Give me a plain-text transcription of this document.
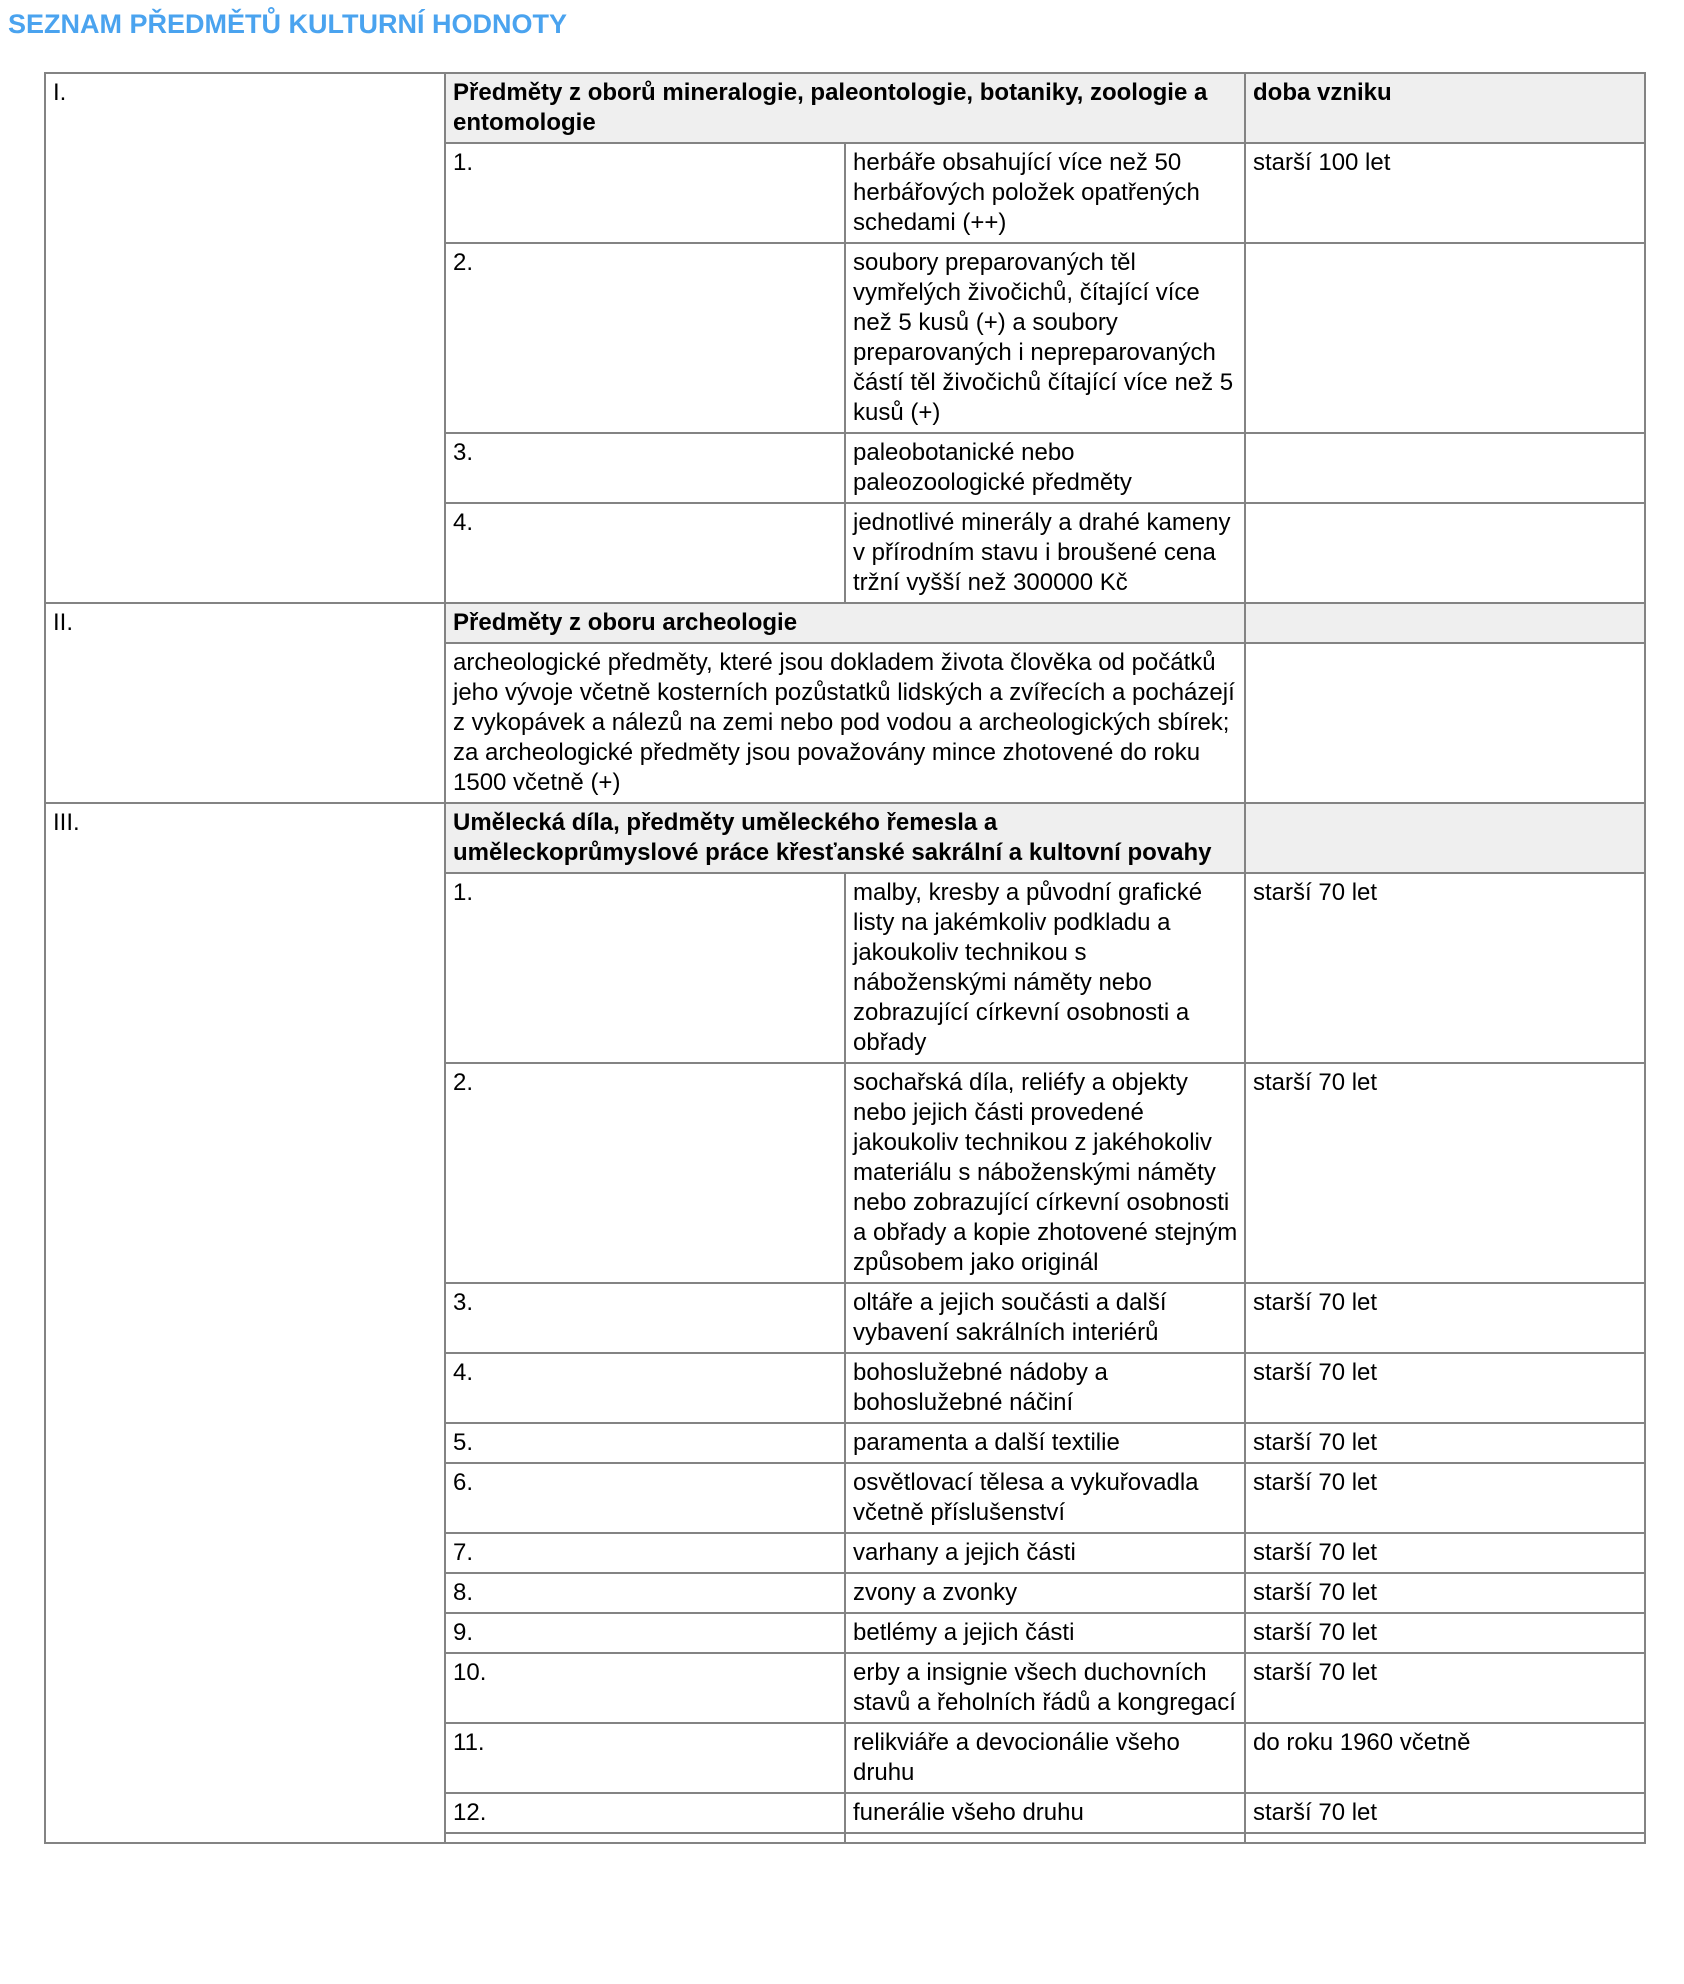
SEZNAM PŘEDMĚTŮ KULTURNÍ HODNOTY
I.	Předměty z oborů mineralogie, paleontologie, botaniky, zoologie a entomologie		doba vzniku
	1.	herbáře obsahující více než 50 herbářových položek opatřených schedami (++)	starší 100 let
	2.	soubory preparovaných těl vymřelých živočichů, čítající více než 5 kusů (+) a soubory preparovaných i nepreparovaných částí těl živočichů čítající více než 5 kusů (+)	
	3.	paleobotanické nebo paleozoologické předměty	
	4.	jednotlivé minerály a drahé kameny v přírodním stavu i broušené cena tržní vyšší než 300000 Kč	
II.	Předměty z oboru archeologie		
	archeologické předměty, které jsou dokladem života člověka od počátků jeho vývoje včetně kosterních pozůstatků lidských a zvířecích a pocházejí z vykopávek a nálezů na zemi nebo pod vodou a archeologických sbírek; za archeologické předměty jsou považovány mince zhotovené do roku 1500 včetně (+)		
III.	Umělecká díla, předměty uměleckého řemesla a uměleckoprůmyslové práce křesťanské sakrální a kultovní povahy		
	1.	malby, kresby a původní grafické listy na jakémkoliv podkladu a jakoukoliv technikou s náboženskými náměty nebo zobrazující církevní osobnosti a obřady	starší 70 let
	2.	sochařská díla, reliéfy a objekty nebo jejich části provedené jakoukoliv technikou z jakéhokoliv materiálu s náboženskými náměty nebo zobrazující církevní osobnosti a obřady a kopie zhotovené stejným způsobem jako originál	starší 70 let
	3.	oltáře a jejich součásti a další vybavení sakrálních interiérů	starší 70 let
	4.	bohoslužebné nádoby a bohoslužebné náčiní	starší 70 let
	5.	paramenta a další textilie	starší 70 let
	6.	osvětlovací tělesa a vykuřovadla včetně příslušenství	starší 70 let
	7.	varhany a jejich části	starší 70 let
	8.	zvony a zvonky	starší 70 let
	9.	betlémy a jejich části	starší 70 let
	10.	erby a insignie všech duchovních stavů a řeholních řádů a kongregací	starší 70 let
	11.	relikviáře a devocionálie všeho druhu	do roku 1960 včetně
	12.	funerálie všeho druhu	starší 70 let
